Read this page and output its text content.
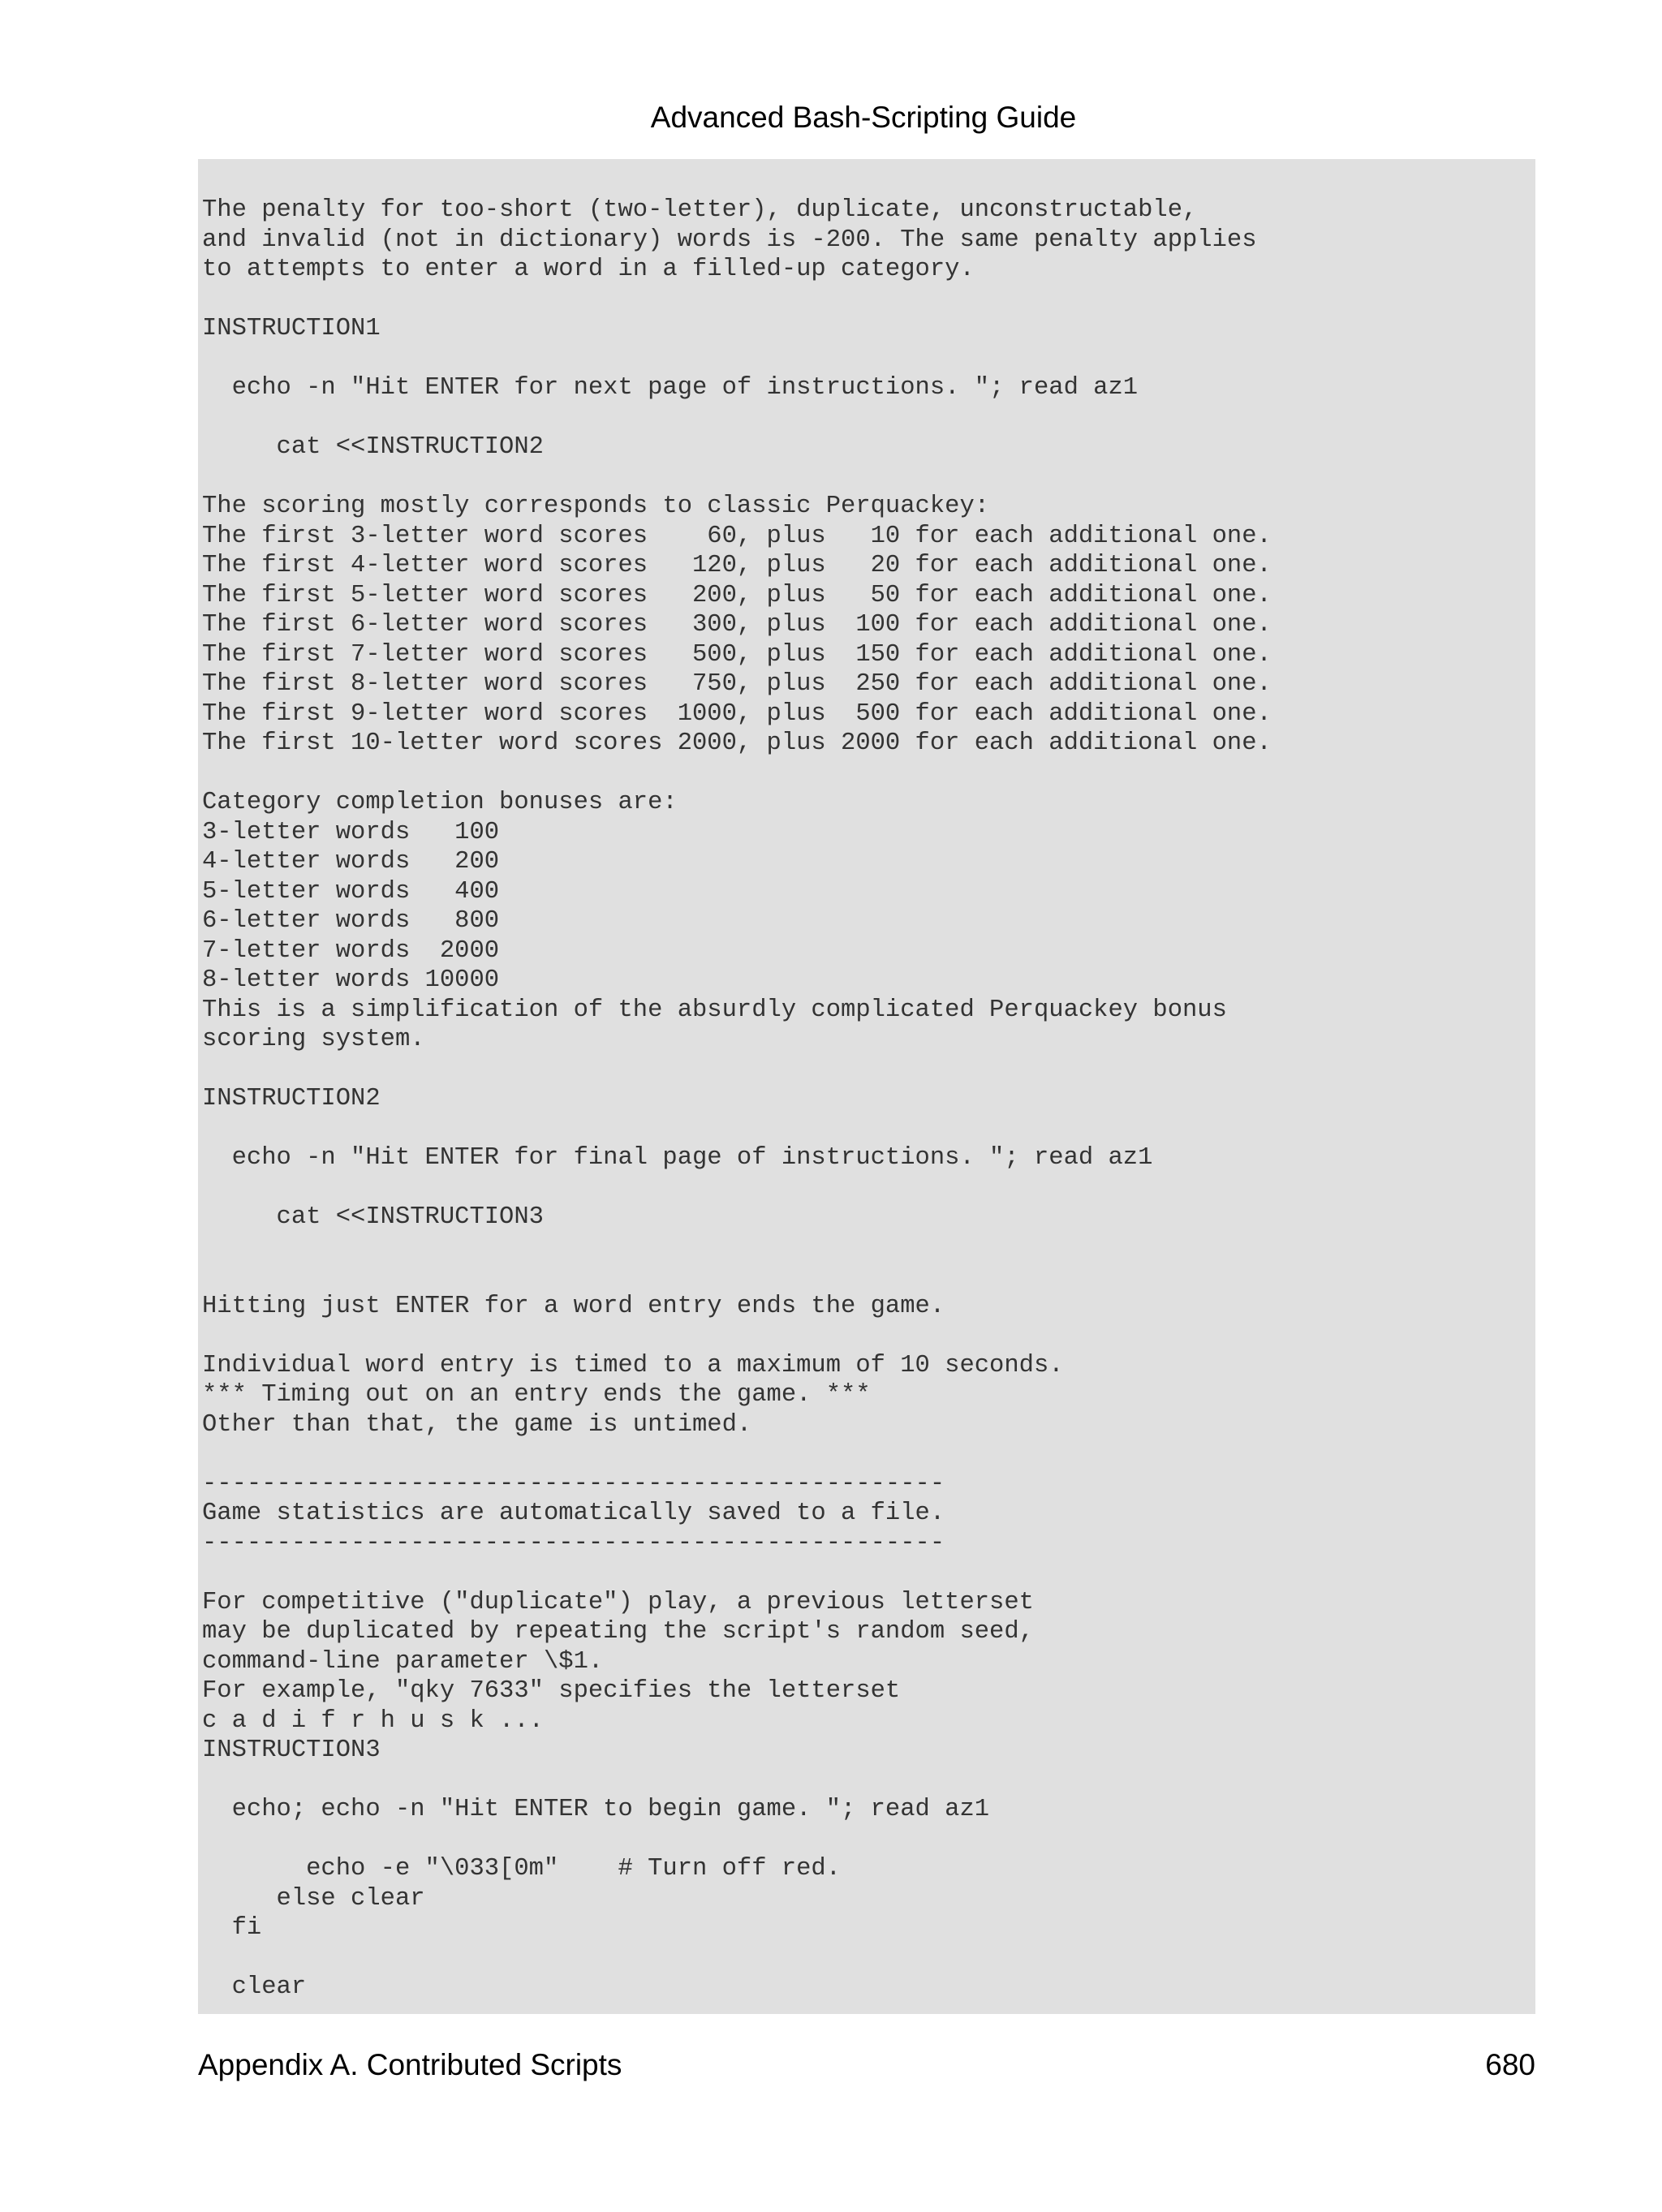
Advanced Bash-Scripting Guide
The penalty for too-short (two-letter), duplicate, unconstructable,
and invalid (not in dictionary) words is -200. The same penalty applies
to attempts to enter a word in a filled-up category.

INSTRUCTION1

echo -n "Hit ENTER for next page of instructions. "; read az1

cat <<INSTRUCTION2

The scoring mostly corresponds to classic Perquackey:
The first 3-letter word scores    60, plus   10 for each additional one.
The first 4-letter word scores   120, plus   20 for each additional one.
The first 5-letter word scores   200, plus   50 for each additional one.
The first 6-letter word scores   300, plus  100 for each additional one.
The first 7-letter word scores   500, plus  150 for each additional one.
The first 8-letter word scores   750, plus  250 for each additional one.
The first 9-letter word scores  1000, plus  500 for each additional one.
The first 10-letter word scores 2000, plus 2000 for each additional one.

Category completion bonuses are:
3-letter words   100
4-letter words   200
5-letter words   400
6-letter words   800
7-letter words  2000
8-letter words 10000
This is a simplification of the absurdly complicated Perquackey bonus
scoring system.

INSTRUCTION2

echo -n "Hit ENTER for final page of instructions. "; read az1

cat <<INSTRUCTION3

Hitting just ENTER for a word entry ends the game.

Individual word entry is timed to a maximum of 10 seconds.
*** Timing out on an entry ends the game. ***
Other than that, the game is untimed.

--------------------------------------------------
Game statistics are automatically saved to a file.
--------------------------------------------------

For competitive ("duplicate") play, a previous letterset
may be duplicated by repeating the script's random seed,
command-line parameter \$1.
For example, "qky 7633" specifies the letterset
c a d i f r h u s k ...
INSTRUCTION3

echo; echo -n "Hit ENTER to begin game. "; read az1

echo -e "\033[0m"    # Turn off red.
else clear
fi

clear
Appendix A. Contributed Scripts	680
